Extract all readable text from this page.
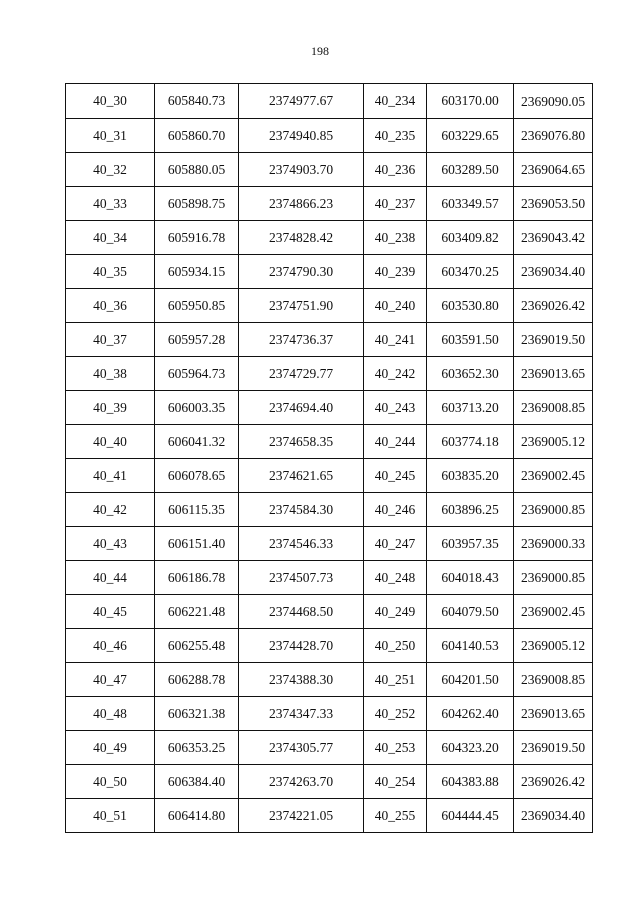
198
40_30	605840.73	2374977.67	40_234	603170.00	2369090.05
40_31	605860.70	2374940.85	40_235	603229.65	2369076.80
40_32	605880.05	2374903.70	40_236	603289.50	2369064.65
40_33	605898.75	2374866.23	40_237	603349.57	2369053.50
40_34	605916.78	2374828.42	40_238	603409.82	2369043.42
40_35	605934.15	2374790.30	40_239	603470.25	2369034.40
40_36	605950.85	2374751.90	40_240	603530.80	2369026.42
40_37	605957.28	2374736.37	40_241	603591.50	2369019.50
40_38	605964.73	2374729.77	40_242	603652.30	2369013.65
40_39	606003.35	2374694.40	40_243	603713.20	2369008.85
40_40	606041.32	2374658.35	40_244	603774.18	2369005.12
40_41	606078.65	2374621.65	40_245	603835.20	2369002.45
40_42	606115.35	2374584.30	40_246	603896.25	2369000.85
40_43	606151.40	2374546.33	40_247	603957.35	2369000.33
40_44	606186.78	2374507.73	40_248	604018.43	2369000.85
40_45	606221.48	2374468.50	40_249	604079.50	2369002.45
40_46	606255.48	2374428.70	40_250	604140.53	2369005.12
40_47	606288.78	2374388.30	40_251	604201.50	2369008.85
40_48	606321.38	2374347.33	40_252	604262.40	2369013.65
40_49	606353.25	2374305.77	40_253	604323.20	2369019.50
40_50	606384.40	2374263.70	40_254	604383.88	2369026.42
40_51	606414.80	2374221.05	40_255	604444.45	2369034.40
